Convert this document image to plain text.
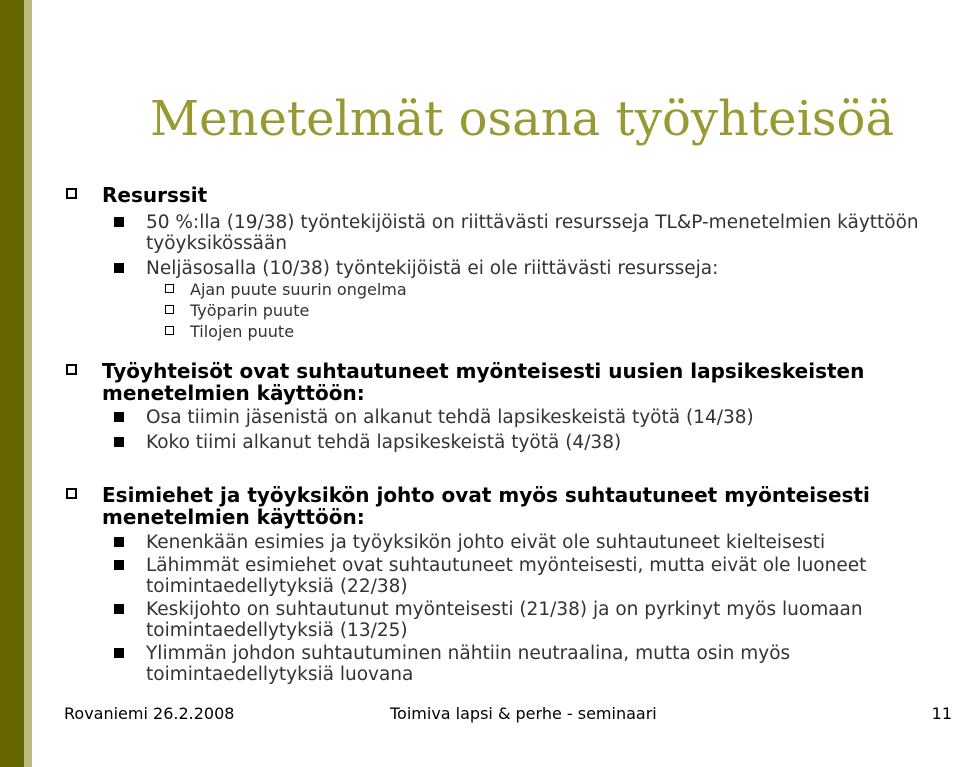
Menetelmät osana työyhteisöä
Resurssit
50 %:lla (19/38) työntekijöistä on riittävästi resursseja TL&P-menetelmien käyttöön työyksikössään
Neljäsosalla (10/38) työntekijöistä ei ole riittävästi resursseja:
Ajan puute suurin ongelma
Työparin puute
Tilojen puute
Työyhteisöt ovat suhtautuneet myönteisesti uusien lapsikeskeisten menetelmien käyttöön:
Osa tiimin jäsenistä on alkanut tehdä lapsikeskeistä työtä (14/38)
Koko tiimi alkanut tehdä lapsikeskeistä työtä (4/38)
Esimiehet ja työyksikön johto ovat myös suhtautuneet myönteisesti menetelmien käyttöön:
Kenenkään esimies ja työyksikön johto eivät ole suhtautuneet kielteisesti
Lähimmät esimiehet ovat suhtautuneet myönteisesti, mutta eivät ole luoneet toimintaedellytyksiä (22/38)
Keskijohto on suhtautunut myönteisesti (21/38) ja on pyrkinyt myös luomaan toimintaedellytyksiä (13/25)
Ylimmän johdon suhtautuminen nähtiin neutraalina, mutta osin myös toimintaedellytyksiä luovana
Rovaniemi 26.2.2008	Toimiva lapsi & perhe - seminaari	11
